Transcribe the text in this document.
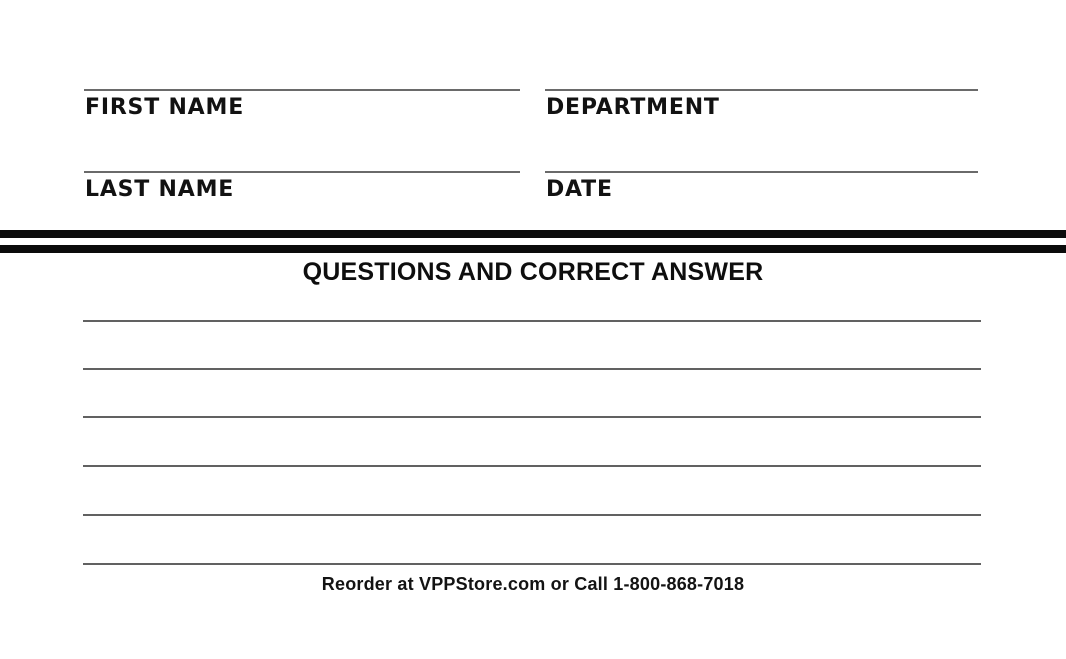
FIRST NAME	DEPARTMENT
LAST NAME	DATE
QUESTIONS AND CORRECT ANSWER
Reorder at VPPStore.com or Call 1-800-868-7018
